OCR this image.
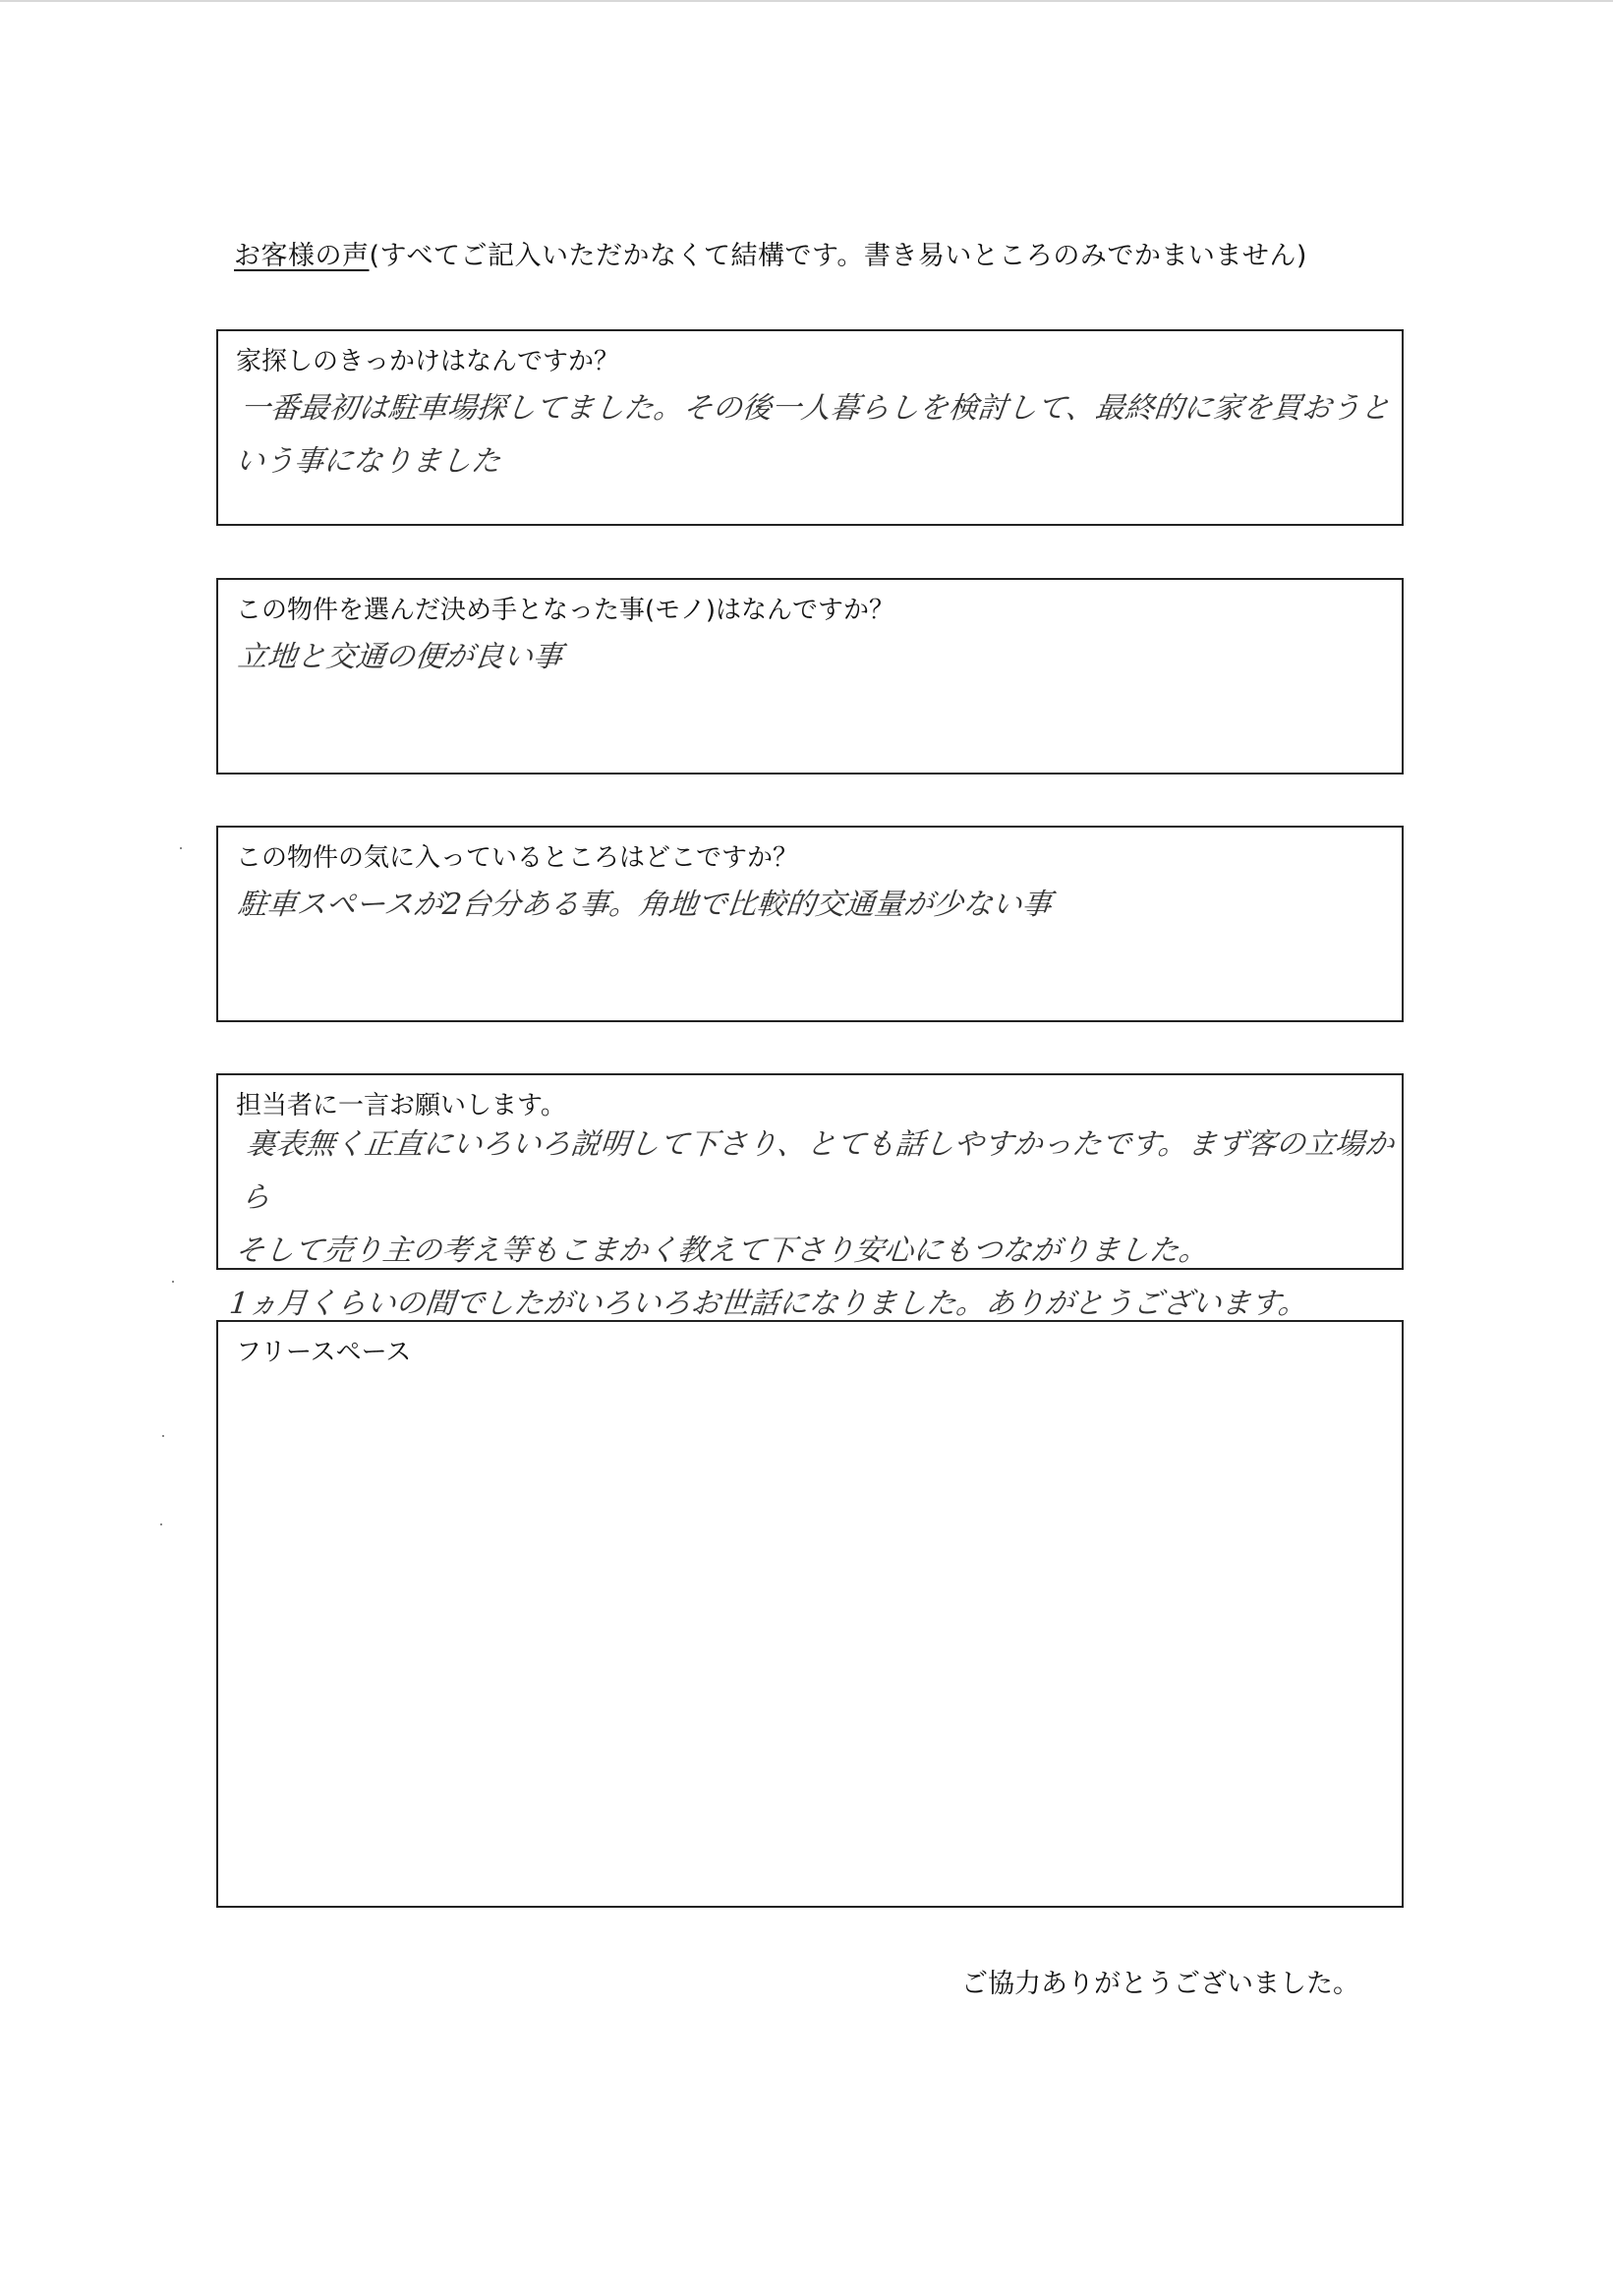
お客様の声(すべてご記入いただかなくて結構です。書き易いところのみでかまいません)
家探しのきっかけはなんですか？
一番最初は駐車場探してました。その後一人暮らしを検討して、最終的に家を買おうと
いう事になりました
この物件を選んだ決め手となった事(モノ)はなんですか？
立地と交通の便が良い事
この物件の気に入っているところはどこですか？
駐車スペースが2台分ある事。角地で比較的交通量が少ない事
担当者に一言お願いします。
裏表無く正直にいろいろ説明して下さり、とても話しやすかったです。まず客の立場から
そして売り主の考え等もこまかく教えて下さり安心にもつながりました。
1ヵ月くらいの間でしたがいろいろお世話になりました。ありがとうございます。
フリースペース
ご協力ありがとうございました。
